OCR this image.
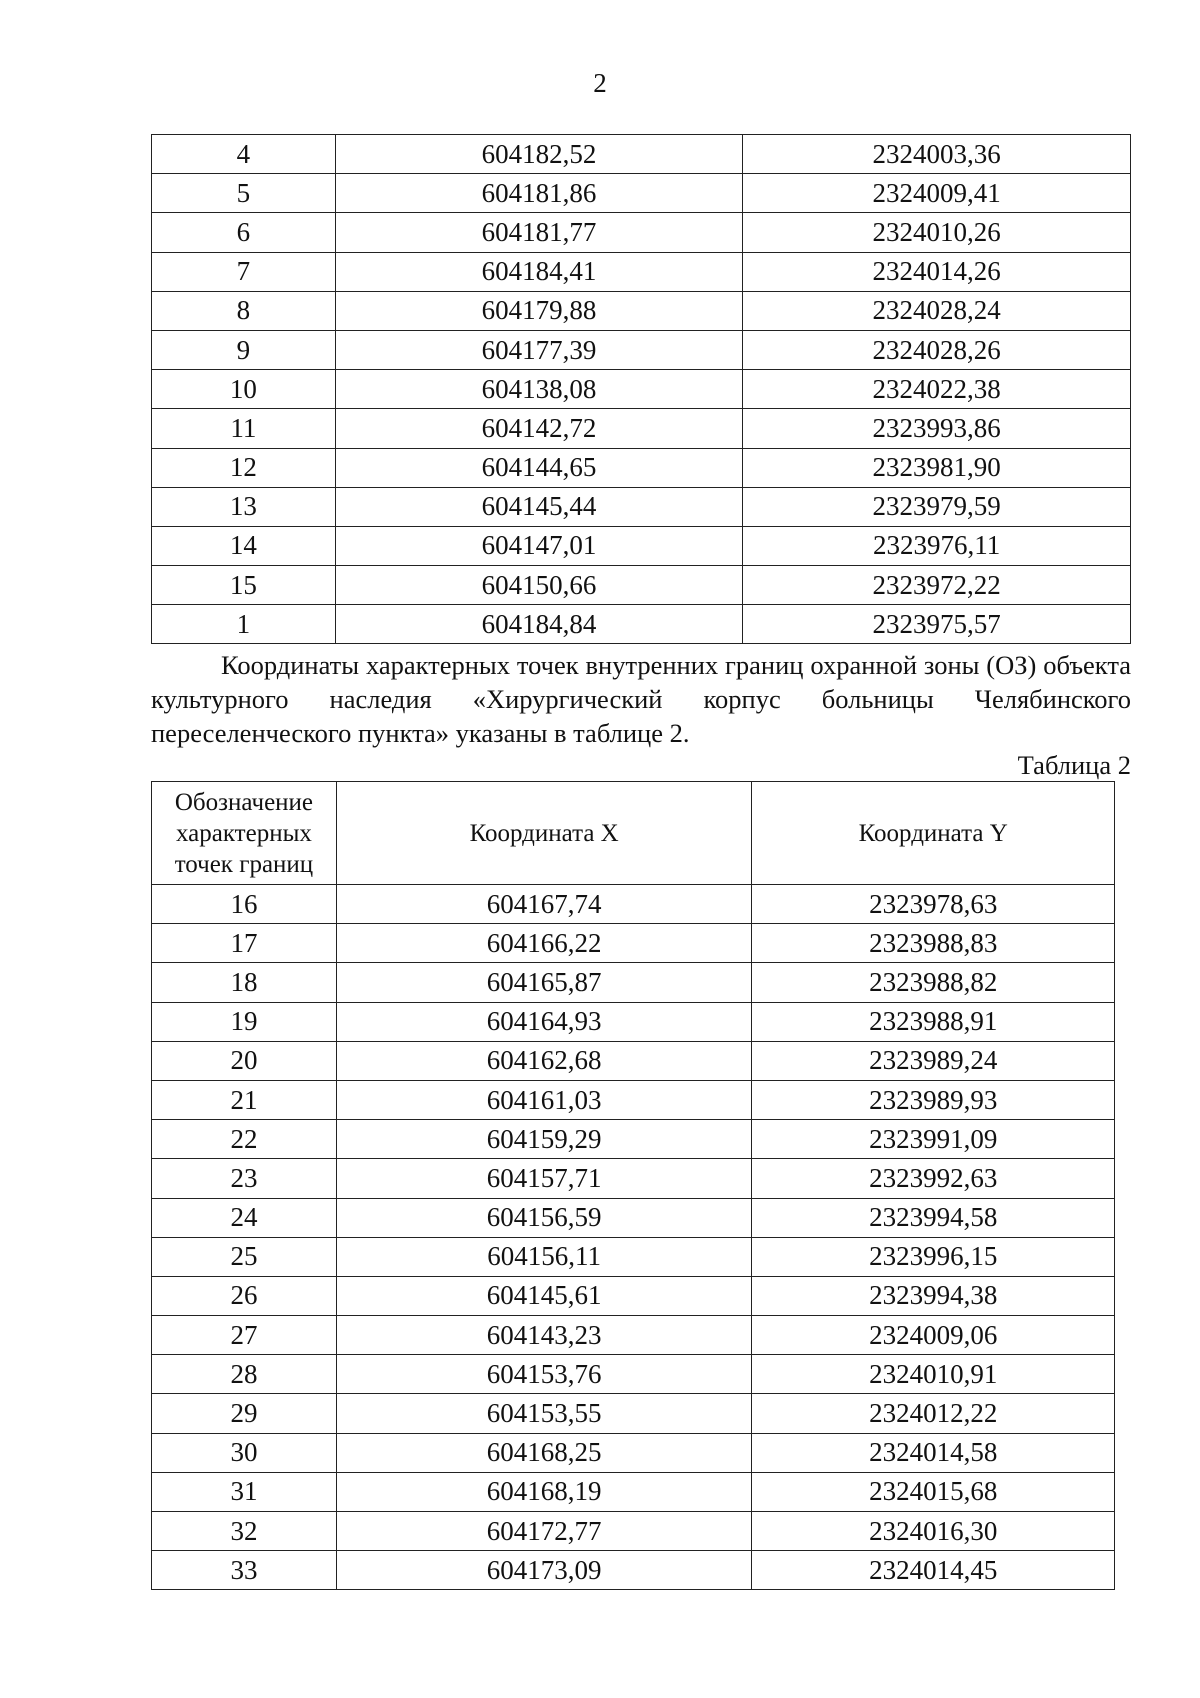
2
4	604182,52	2324003,36
5	604181,86	2324009,41
6	604181,77	2324010,26
7	604184,41	2324014,26
8	604179,88	2324028,24
9	604177,39	2324028,26
10	604138,08	2324022,38
11	604142,72	2323993,86
12	604144,65	2323981,90
13	604145,44	2323979,59
14	604147,01	2323976,11
15	604150,66	2323972,22
1	604184,84	2323975,57

Координаты характерных точек внутренних границ охранной зоны (ОЗ) объекта культурного наследия «Хирургический корпус больницы Челябинского переселенческого пункта» указаны в таблице 2.

Таблица 2
Обозначение характерных точек границ	Координата X	Координата Y
16	604167,74	2323978,63
17	604166,22	2323988,83
18	604165,87	2323988,82
19	604164,93	2323988,91
20	604162,68	2323989,24
21	604161,03	2323989,93
22	604159,29	2323991,09
23	604157,71	2323992,63
24	604156,59	2323994,58
25	604156,11	2323996,15
26	604145,61	2323994,38
27	604143,23	2324009,06
28	604153,76	2324010,91
29	604153,55	2324012,22
30	604168,25	2324014,58
31	604168,19	2324015,68
32	604172,77	2324016,30
33	604173,09	2324014,45
